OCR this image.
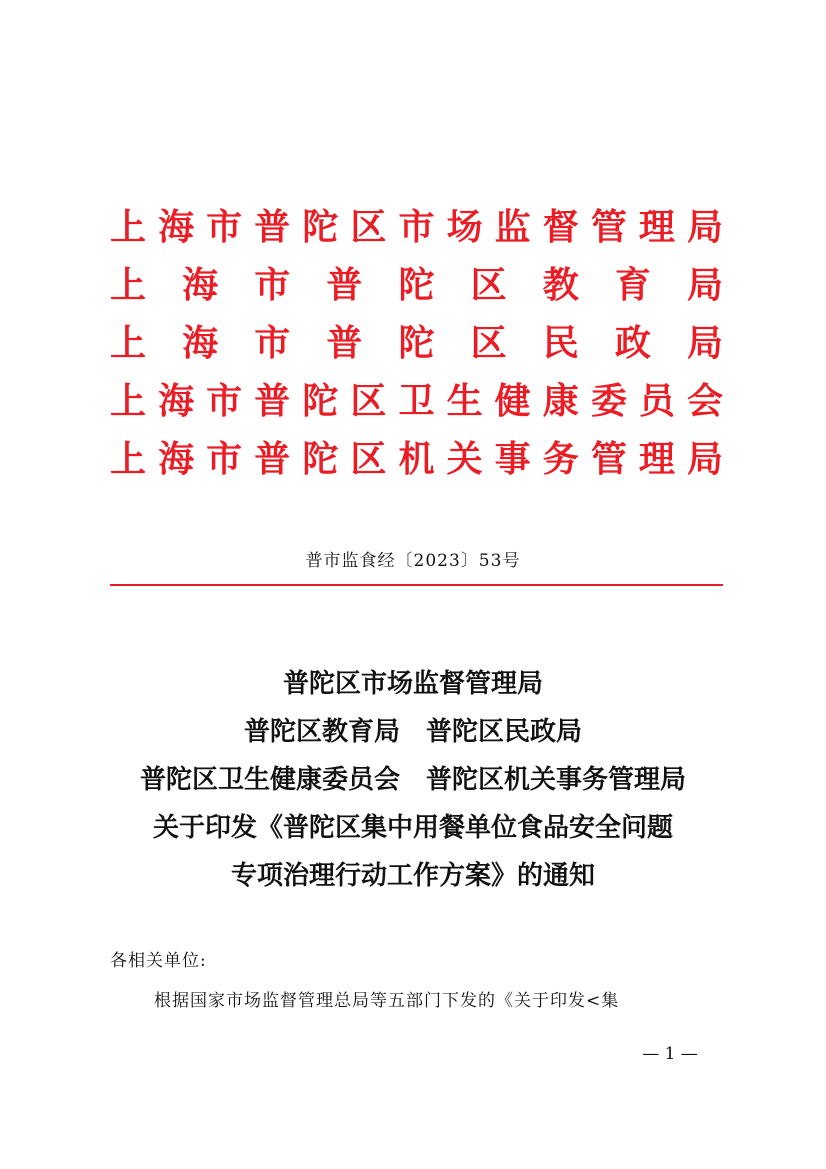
上海市普陀区市场监督管理局
上海市普陀区教育局
上海市普陀区民政局
上海市普陀区卫生健康委员会
上海市普陀区机关事务管理局
普市监食经〔2023〕53号
普陀区市场监督管理局
普陀区教育局　普陀区民政局
普陀区卫生健康委员会　普陀区机关事务管理局
关于印发《普陀区集中用餐单位食品安全问题
专项治理行动工作方案》的通知
各相关单位:
根据国家市场监督管理总局等五部门下发的《关于印发<集
— 1 —
